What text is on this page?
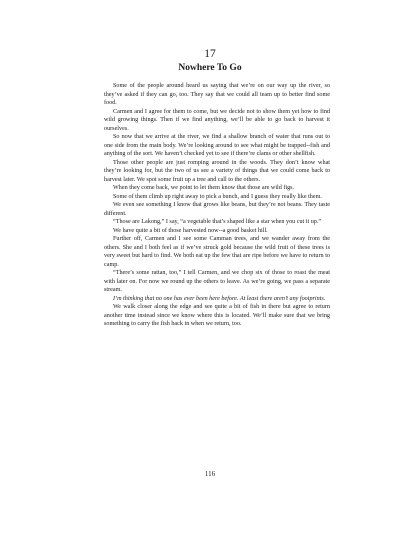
17
Nowhere To Go

Some of the people around heard us saying that we’re on our way up the river, so they’ve asked if they can go, too. They say that we could all team up to better find some food.

Carmen and I agree for them to come, but we decide not to show them yet how to find wild growing things. Then if we find anything, we’ll be able to go back to harvest it ourselves.

So now that we arrive at the river, we find a shallow branch of water that runs out to one side from the main body. We’re looking around to see what might be trapped--fish and anything of the sort. We haven’t checked yet to see if there’re clams or other shellfish.

Those other people are just romping around in the woods. They don’t know what they’re looking for, but the two of us see a variety of things that we could come back to harvest later. We spot some fruit up a tree and call to the others.

When they come back, we point to let them know that those are wild figs.

Some of them climb up right away to pick a bunch, and I guess they really like them.

We even see something I know that grows like beans, but they’re not beans. They taste different.

“Those are Lakong,” I say, “a vegetable that’s shaped like a star when you cut it up.”

We have quite a bit of those harvested now--a good basket hill.

Further off, Carmen and I see some Camman trees, and we wander away from the others. She and I both feel as if we’ve struck gold because the wild fruit of these trees is very sweet but hard to find. We both eat up the few that are ripe before we have to return to camp.

“There’s some rattan, too,” I tell Carmen, and we chop six of those to roast the meat with later on. For now we round up the others to leave. As we’re going, we pass a separate stream.

I’m thinking that no one has ever been here before. At least there aren’t any footprints.

We walk closer along the edge and see quite a bit of fish in there but agree to return another time instead since we know where this is located. We’ll make sure that we bring something to carry the fish back in when we return, too.

116
